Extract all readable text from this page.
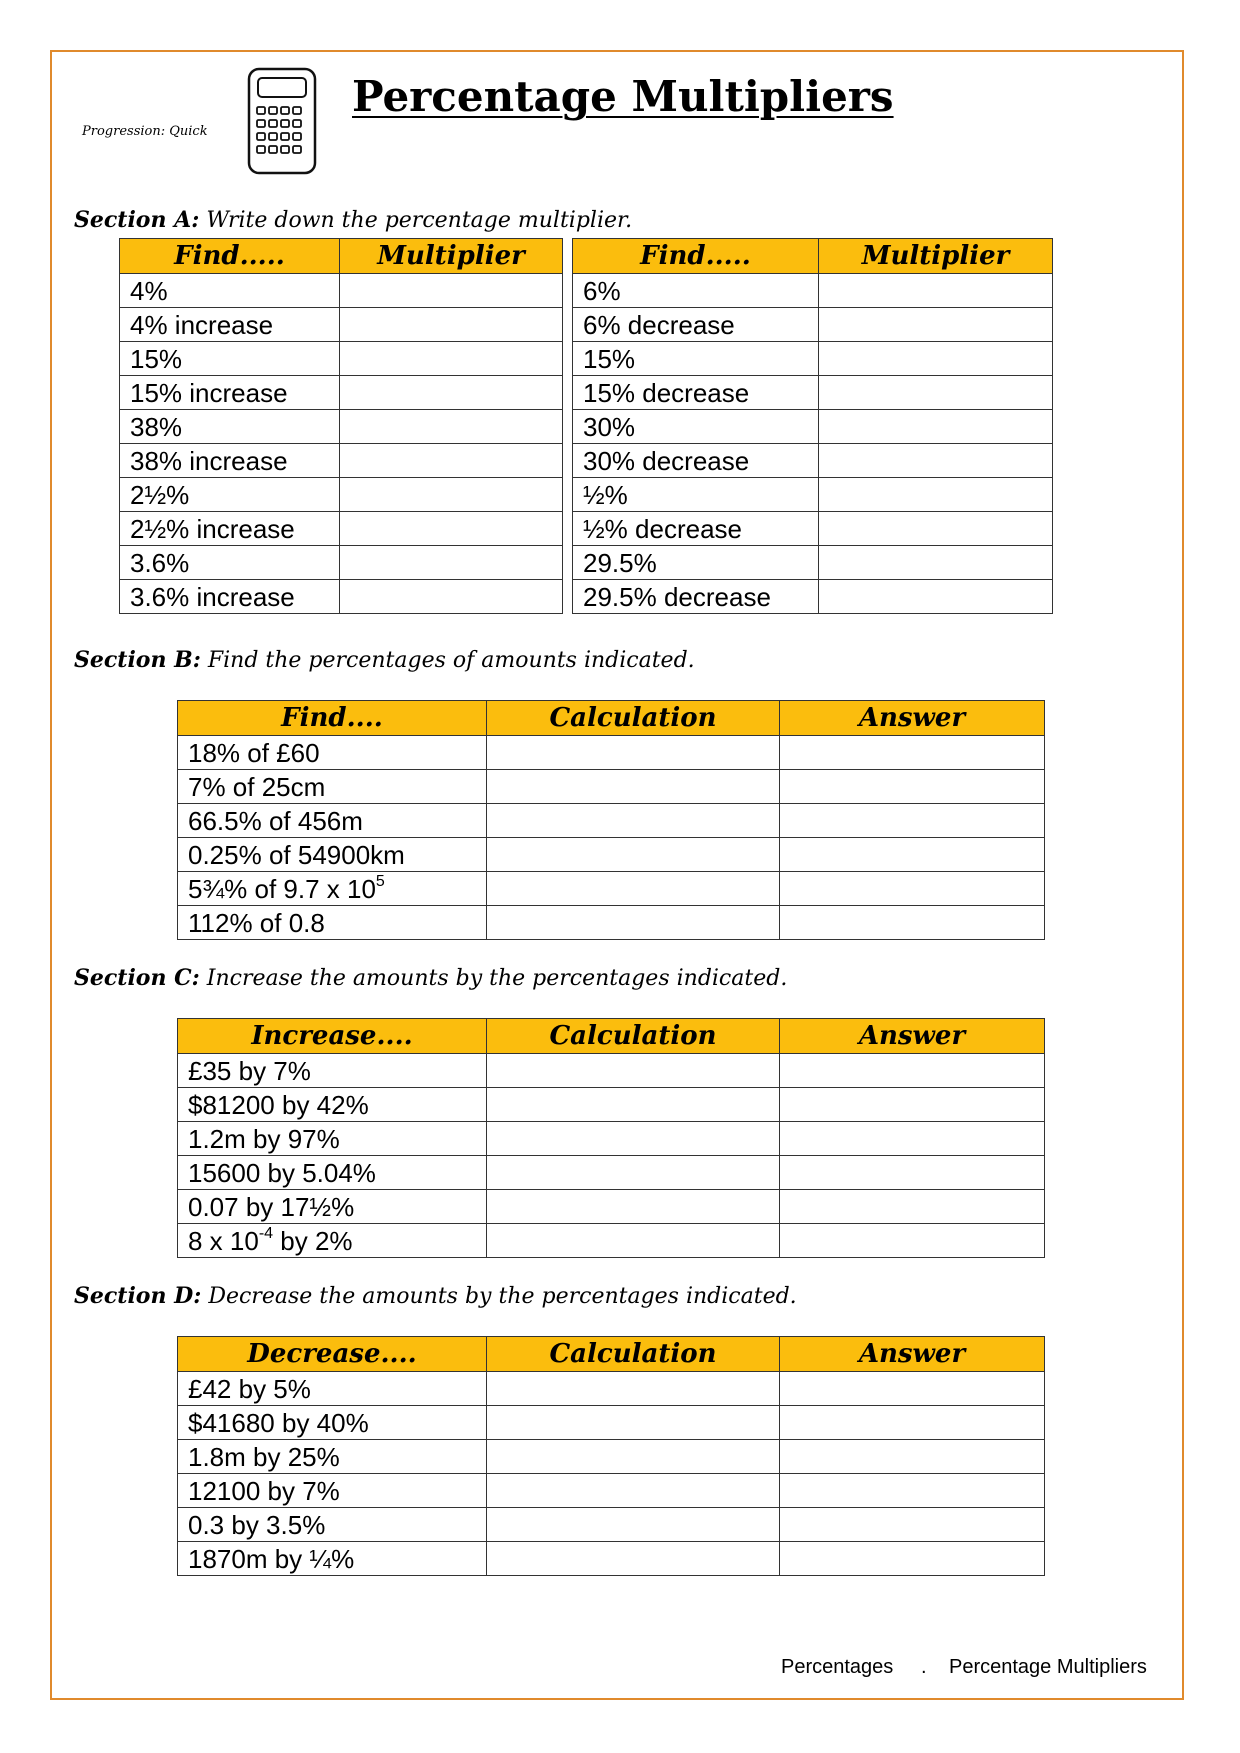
Progression: Quick
Percentage Multipliers
Section A: Write down the percentage multiplier.
Find.....	Multiplier
4%	
4% increase	
15%	
15% increase	
38%	
38% increase	
2½%	
2½% increase	
3.6%	
3.6% increase	
Find.....	Multiplier
6%	
6% decrease	
15%	
15% decrease	
30%	
30% decrease	
½%	
½% decrease	
29.5%	
29.5% decrease	
Section B: Find the percentages of amounts indicated.
Find....	Calculation	Answer
18% of £60		
7% of 25cm		
66.5% of 456m		
0.25% of 54900km		
5¾% of 9.7 x $10^5$		
112% of 0.8		
Section C: Increase the amounts by the percentages indicated.
Increase....	Calculation	Answer
£35 by 7%		
$81200 by 42%		
1.2m by 97%		
15600 by 5.04%		
0.07 by 17½%		
8 x $10^{-4}$ by 2%		
Section D: Decrease the amounts by the percentages indicated.
Decrease....	Calculation	Answer
£42 by 5%		
$41680 by 40%		
1.8m by 25%		
12100 by 7%		
0.3 by 3.5%		
1870m by ¼%		
Percentages . Percentage Multipliers
